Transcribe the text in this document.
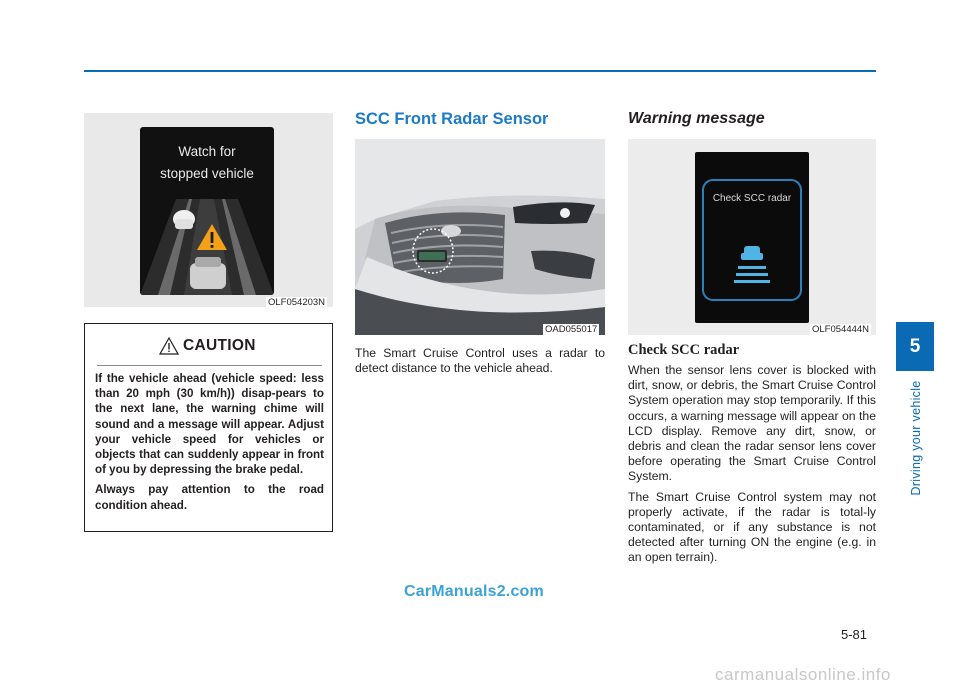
Watch for
stopped vehicle
OLF054203N
CAUTION

If the vehicle ahead (vehicle speed: less than 20 mph (30 km/h)) disap-pears to the next lane, the warning chime will sound and a message will appear. Adjust your vehicle speed for vehicles or objects that can suddenly appear in front of you by depressing the brake pedal.

Always pay attention to the road condition ahead.

SCC Front Radar Sensor
OAD055017
The Smart Cruise Control uses a radar to detect distance to the vehicle ahead.
Warning message
Check SCC radar
OLF054444N
Check SCC radar
When the sensor lens cover is blocked with dirt, snow, or debris, the Smart Cruise Control System operation may stop temporarily. If this occurs, a warning message will appear on the LCD display. Remove any dirt, snow, or debris and clean the radar sensor lens cover before operating the Smart Cruise Control System.
The Smart Cruise Control system may not properly activate, if the radar is total-ly contaminated, or if any substance is not detected after turning ON the engine (e.g. in an open terrain).
5
Driving your vehicle
5-81
CarManuals2.com
carmanualsonline.info
